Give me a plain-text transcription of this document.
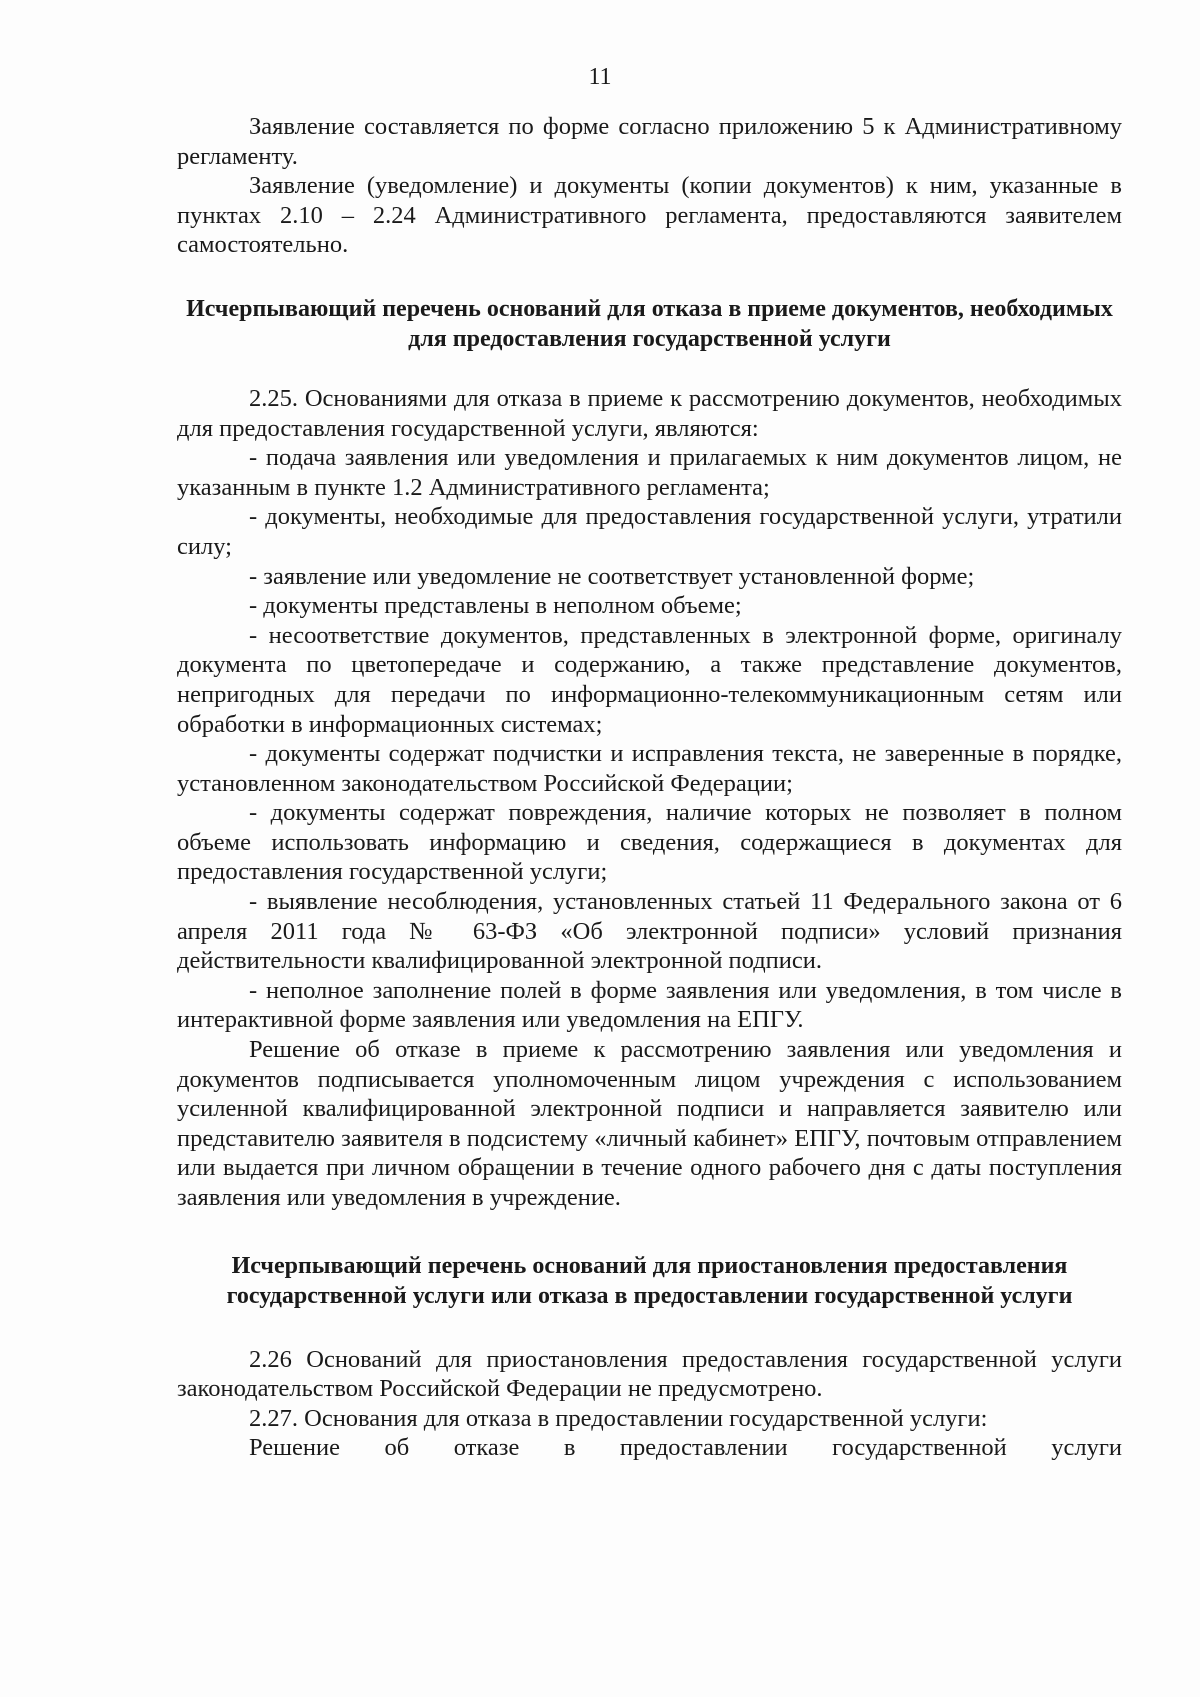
11

Заявление составляется по форме согласно приложению 5 к Административному регламенту.

Заявление (уведомление) и документы (копии документов) к ним, указанные в пунктах 2.10 – 2.24 Административного регламента, предоставляются заявителем самостоятельно.

Исчерпывающий перечень оснований для отказа в приеме документов, необходимых для предоставления государственной услуги

2.25. Основаниями для отказа в приеме к рассмотрению документов, необходимых для предоставления государственной услуги, являются:

- подача заявления или уведомления и прилагаемых к ним документов лицом, не указанным в пункте 1.2 Административного регламента;

- документы, необходимые для предоставления государственной услуги, утратили силу;

- заявление или уведомление не соответствует установленной форме;

- документы представлены в неполном объеме;

- несоответствие документов, представленных в электронной форме, оригиналу документа по цветопередаче и содержанию, а также представление документов, непригодных для передачи по информационно-телекоммуникационным сетям или обработки в информационных системах;

- документы содержат подчистки и исправления текста, не заверенные в порядке, установленном законодательством Российской Федерации;

- документы содержат повреждения, наличие которых не позволяет в полном объеме использовать информацию и сведения, содержащиеся в документах для предоставления государственной услуги;

- выявление несоблюдения, установленных статьей 11 Федерального закона от 6 апреля 2011 года № 63-ФЗ «Об электронной подписи» условий признания действительности квалифицированной электронной подписи.

- неполное заполнение полей в форме заявления или уведомления, в том числе в интерактивной форме заявления или уведомления на ЕПГУ.

Решение об отказе в приеме к рассмотрению заявления или уведомления и документов подписывается уполномоченным лицом учреждения с использованием усиленной квалифицированной электронной подписи и направляется заявителю или представителю заявителя в подсистему «личный кабинет» ЕПГУ, почтовым отправлением или выдается при личном обращении в течение одного рабочего дня с даты поступления заявления или уведомления в учреждение.

Исчерпывающий перечень оснований для приостановления предоставления государственной услуги или отказа в предоставлении государственной услуги

2.26 Оснований для приостановления предоставления государственной услуги законодательством Российской Федерации не предусмотрено.

2.27. Основания для отказа в предоставлении государственной услуги:

Решение об отказе в предоставлении государственной услуги
